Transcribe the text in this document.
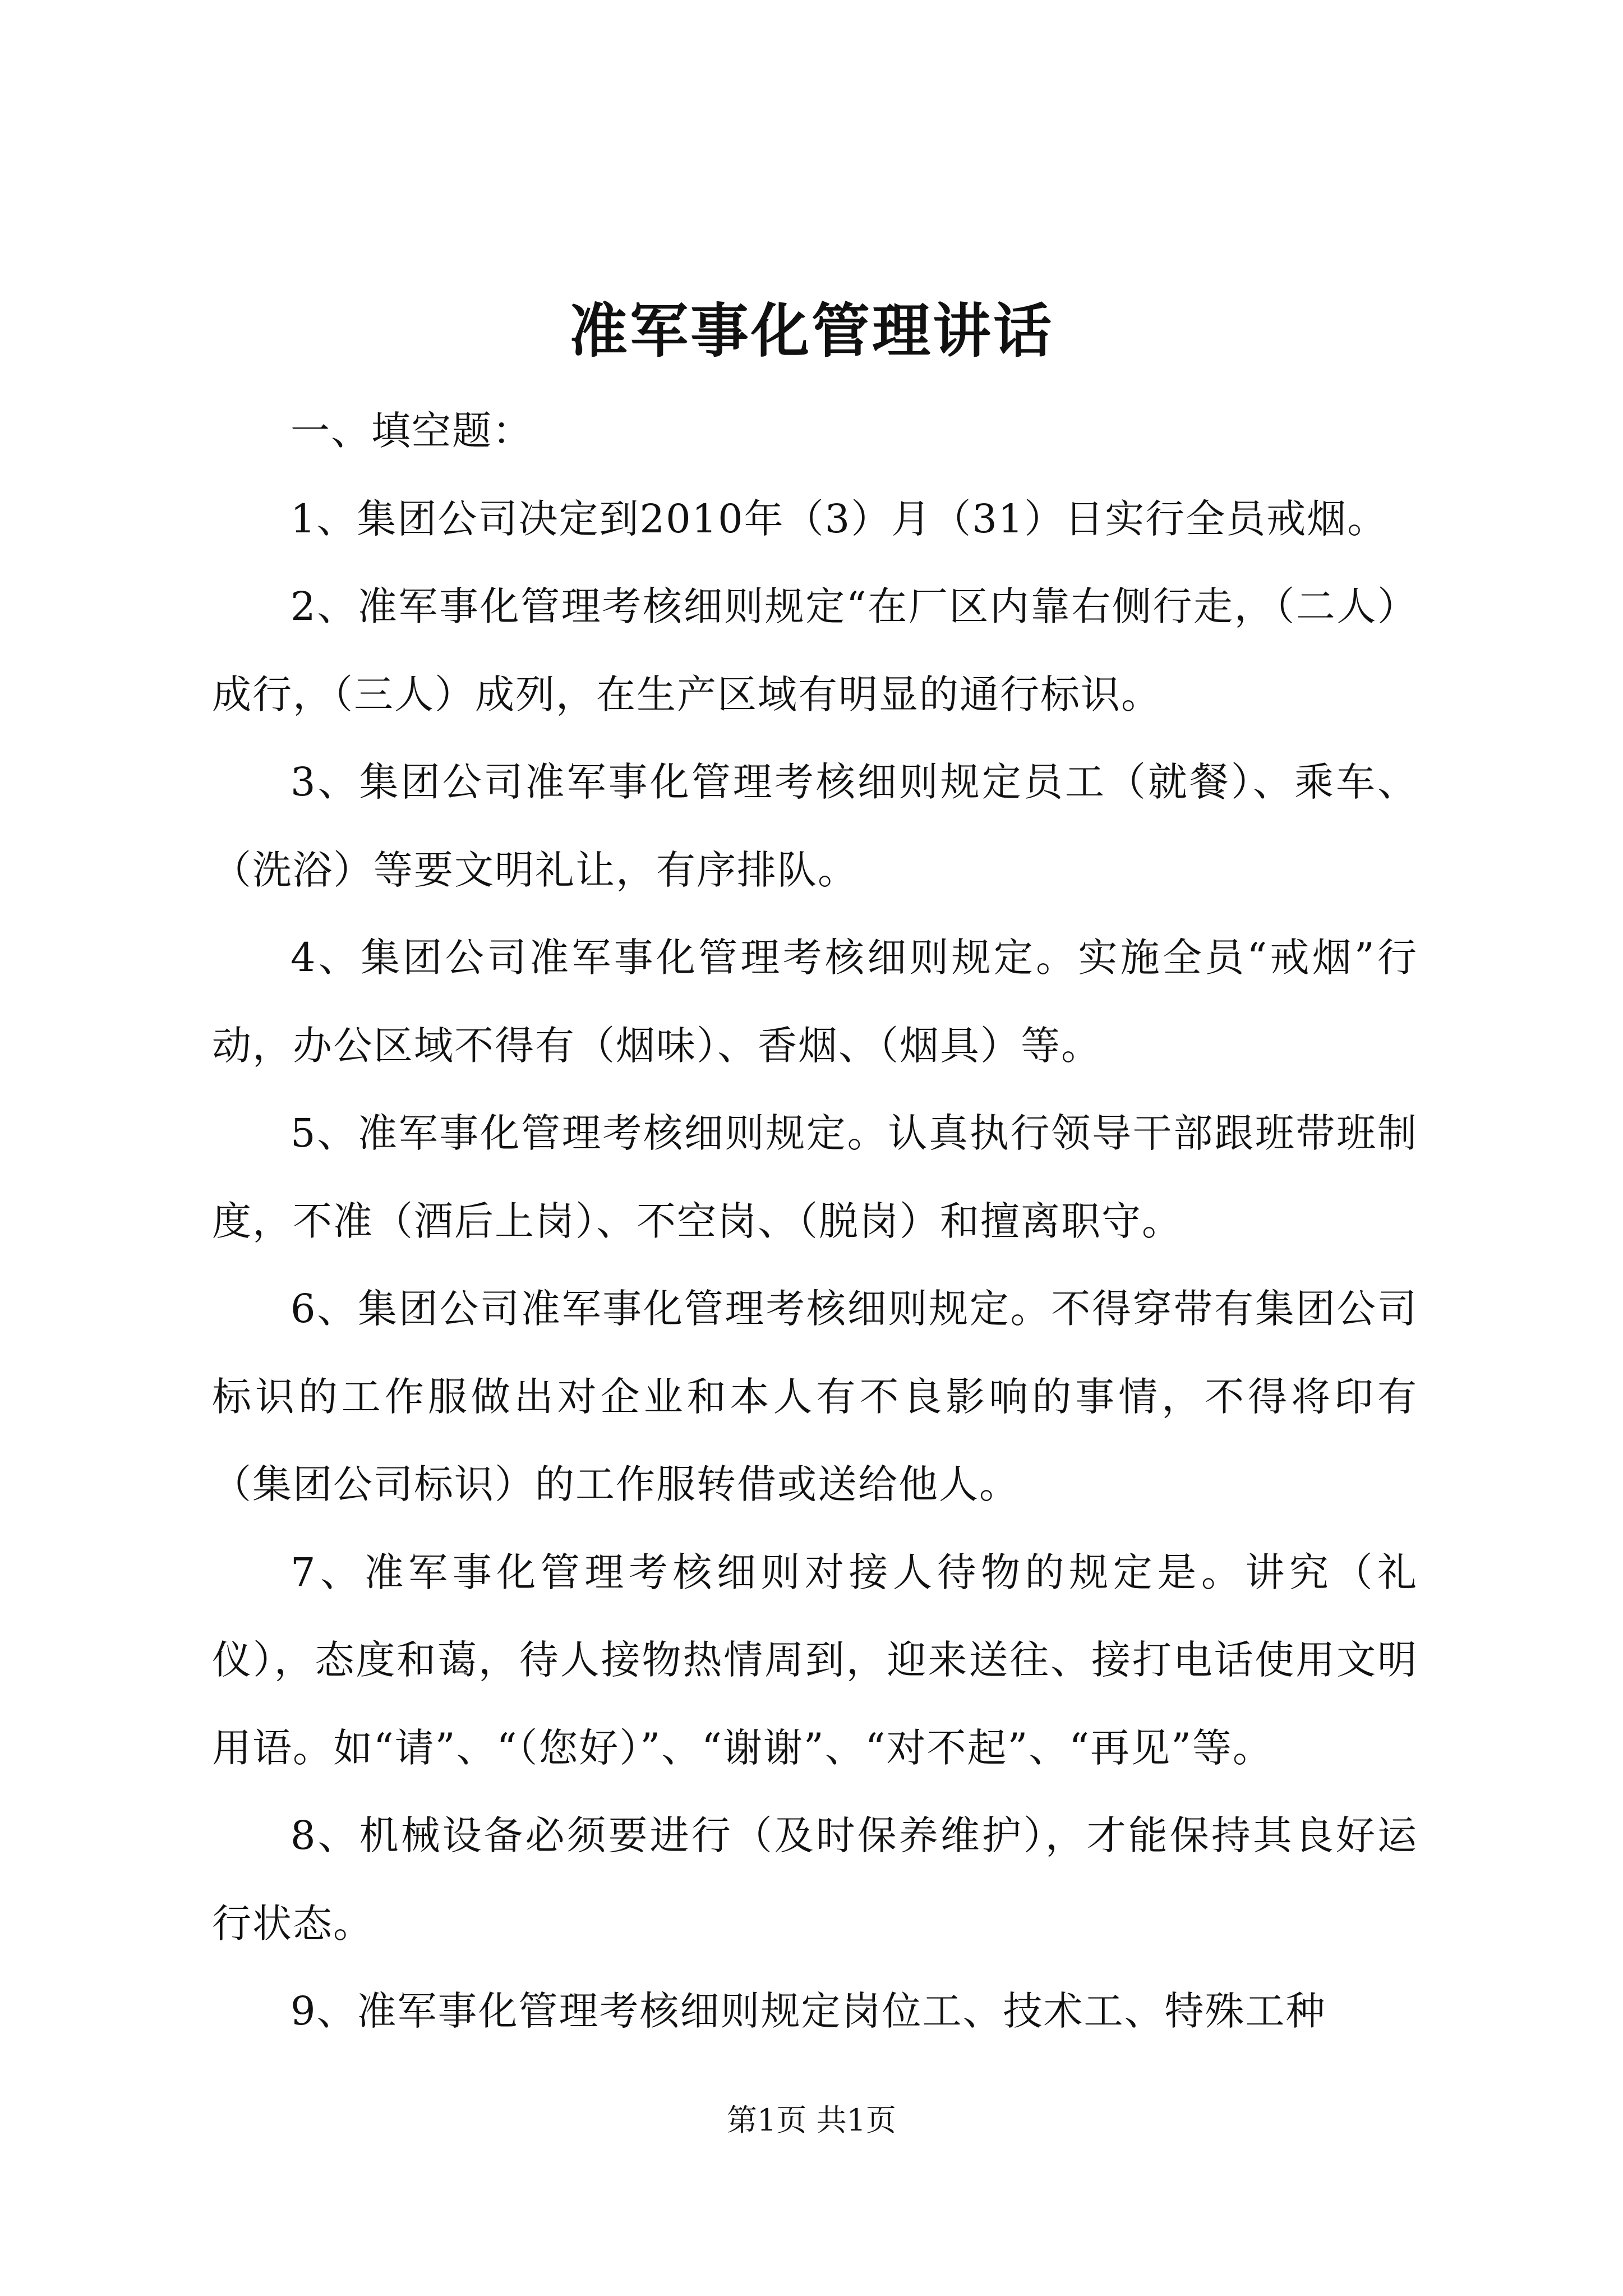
准军事化管理讲话

一、填空题：

1、集团公司决定到2010年（3）月（31）日实行全员戒烟。

2、准军事化管理考核细则规定“在厂区内靠右侧行走，（二人）成行，（三人）成列，在生产区域有明显的通行标识。

3、集团公司准军事化管理考核细则规定员工（就餐）、乘车、（洗浴）等要文明礼让，有序排队。

4、集团公司准军事化管理考核细则规定。实施全员“戒烟”行动，办公区域不得有（烟味）、香烟、（烟具）等。

5、准军事化管理考核细则规定。认真执行领导干部跟班带班制度，不准（酒后上岗）、不空岗、（脱岗）和擅离职守。

6、集团公司准军事化管理考核细则规定。不得穿带有集团公司标识的工作服做出对企业和本人有不良影响的事情，不得将印有（集团公司标识）的工作服转借或送给他人。

7、准军事化管理考核细则对接人待物的规定是。讲究（礼仪），态度和蔼，待人接物热情周到，迎来送往、接打电话使用文明用语。如“请”、“（您好）”、“谢谢”、“对不起”、“再见”等。

8、机械设备必须要进行（及时保养维护），才能保持其良好运行状态。

9、准军事化管理考核细则规定岗位工、技术工、特殊工种

第1页 共1页
